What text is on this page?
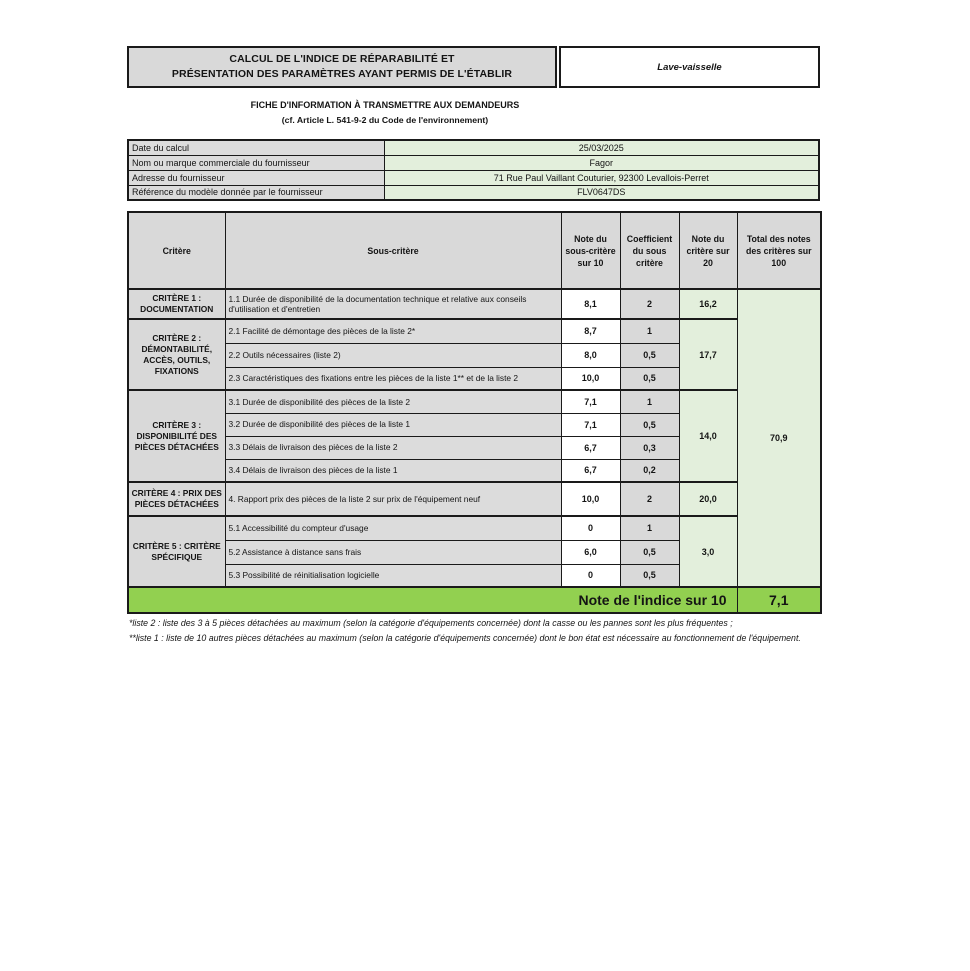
CALCUL DE L'INDICE DE RÉPARABILITÉ ET
PRÉSENTATION DES PARAMÈTRES AYANT PERMIS DE L'ÉTABLIR
Lave-vaisselle
FICHE D'INFORMATION À TRANSMETTRE AUX DEMANDEURS
(cf. Article L. 541-9-2 du Code de l'environnement)
Date du calcul	25/03/2025
Nom ou marque commerciale du fournisseur	Fagor
Adresse du fournisseur	71 Rue Paul Vaillant Couturier, 92300 Levallois-Perret
Référence du modèle donnée par le fournisseur	FLV0647DS
Critère	Sous-critère	Note du sous-critère sur 10	Coefficient du sous critère	Note du critère sur 20	Total des notes des critères sur 100
CRITÈRE 1 : DOCUMENTATION	1.1 Durée de disponibilité de la documentation technique et relative aux conseils d'utilisation et d'entretien	8,1	2	16,2	70,9
CRITÈRE 2 : DÉMONTABILITÉ, ACCÈS, OUTILS, FIXATIONS	2.1 Facilité de démontage des pièces de la liste 2*	8,7	1	17,7	
	2.2 Outils nécessaires (liste 2)	8,0	0,5		
	2.3 Caractéristiques des fixations entre les pièces de la liste 1** et de la liste 2	10,0	0,5		
CRITÈRE 3 : DISPONIBILITÉ DES PIÈCES DÉTACHÉES	3.1 Durée de disponibilité des pièces de la liste 2	7,1	1	14,0	
	3.2 Durée de disponibilité des pièces de la liste 1	7,1	0,5		
	3.3 Délais de livraison des pièces de la liste 2	6,7	0,3		
	3.4 Délais de livraison des pièces de la liste 1	6,7	0,2		
CRITÈRE 4 : PRIX DES PIÈCES DÉTACHÉES	4. Rapport prix des pièces de la liste 2 sur prix de l'équipement neuf	10,0	2	20,0	
CRITÈRE 5 : CRITÈRE SPÉCIFIQUE	5.1 Accessibilité du compteur d'usage	0	1	3,0	
	5.2 Assistance à distance sans frais	6,0	0,5		
	5.3 Possibilité de réinitialisation logicielle	0	0,5		
Note de l'indice sur 10					7,1

*liste 2 : liste des 3 à 5 pièces détachées au maximum (selon la catégorie d'équipements concernée) dont la casse ou les pannes sont les plus fréquentes ;

**liste 1 : liste de 10 autres pièces détachées au maximum (selon la catégorie d'équipements concernée) dont le bon état est nécessaire au fonctionnement de l'équipement.
